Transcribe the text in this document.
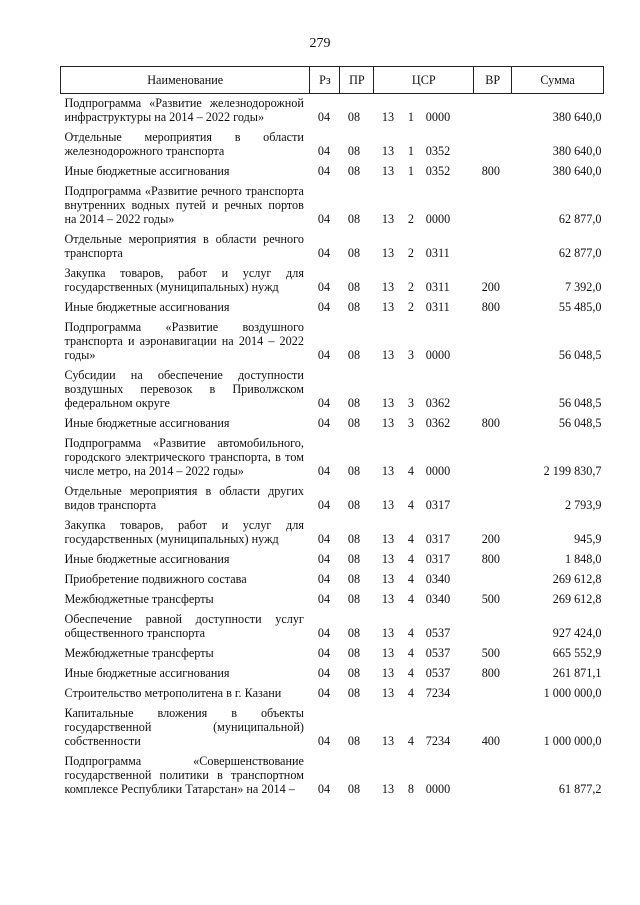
279
Наименование	Рз	ПР	ЦСР			ВР	Сумма
Подпрограмма «Развитие железнодорожной инфраструктуры на 2014 – 2022 годы»	04	08	13	1	0000		380 640,0
Отдельные мероприятия в области железнодорожного транспорта	04	08	13	1	0352		380 640,0
Иные бюджетные ассигнования	04	08	13	1	0352	800	380 640,0
Подпрограмма «Развитие речного транспорта внутренних водных путей и речных портов на 2014 – 2022 годы»	04	08	13	2	0000		62 877,0
Отдельные мероприятия в области речного транспорта	04	08	13	2	0311		62 877,0
Закупка товаров, работ и услуг для государственных (муниципальных) нужд	04	08	13	2	0311	200	7 392,0
Иные бюджетные ассигнования	04	08	13	2	0311	800	55 485,0
Подпрограмма «Развитие воздушного транспорта и аэронавигации на 2014 – 2022 годы»	04	08	13	3	0000		56 048,5
Субсидии на обеспечение доступности воздушных перевозок в Приволжском федеральном округе	04	08	13	3	0362		56 048,5
Иные бюджетные ассигнования	04	08	13	3	0362	800	56 048,5
Подпрограмма «Развитие автомобильного, городского электрического транспорта, в том числе метро, на 2014 – 2022 годы»	04	08	13	4	0000		2 199 830,7
Отдельные мероприятия в области других видов транспорта	04	08	13	4	0317		2 793,9
Закупка товаров, работ и услуг для государственных (муниципальных) нужд	04	08	13	4	0317	200	945,9
Иные бюджетные ассигнования	04	08	13	4	0317	800	1 848,0
Приобретение подвижного состава	04	08	13	4	0340		269 612,8
Межбюджетные трансферты	04	08	13	4	0340	500	269 612,8
Обеспечение равной доступности услуг общественного транспорта	04	08	13	4	0537		927 424,0
Межбюджетные трансферты	04	08	13	4	0537	500	665 552,9
Иные бюджетные ассигнования	04	08	13	4	0537	800	261 871,1
Строительство метрополитена в г. Казани	04	08	13	4	7234		1 000 000,0
Капитальные вложения в объекты государственной (муниципальной) собственности	04	08	13	4	7234	400	1 000 000,0
Подпрограмма «Совершенствование государственной политики в транспортном комплексе Республики Татарстан» на 2014 –	04	08	13	8	0000		61 877,2
